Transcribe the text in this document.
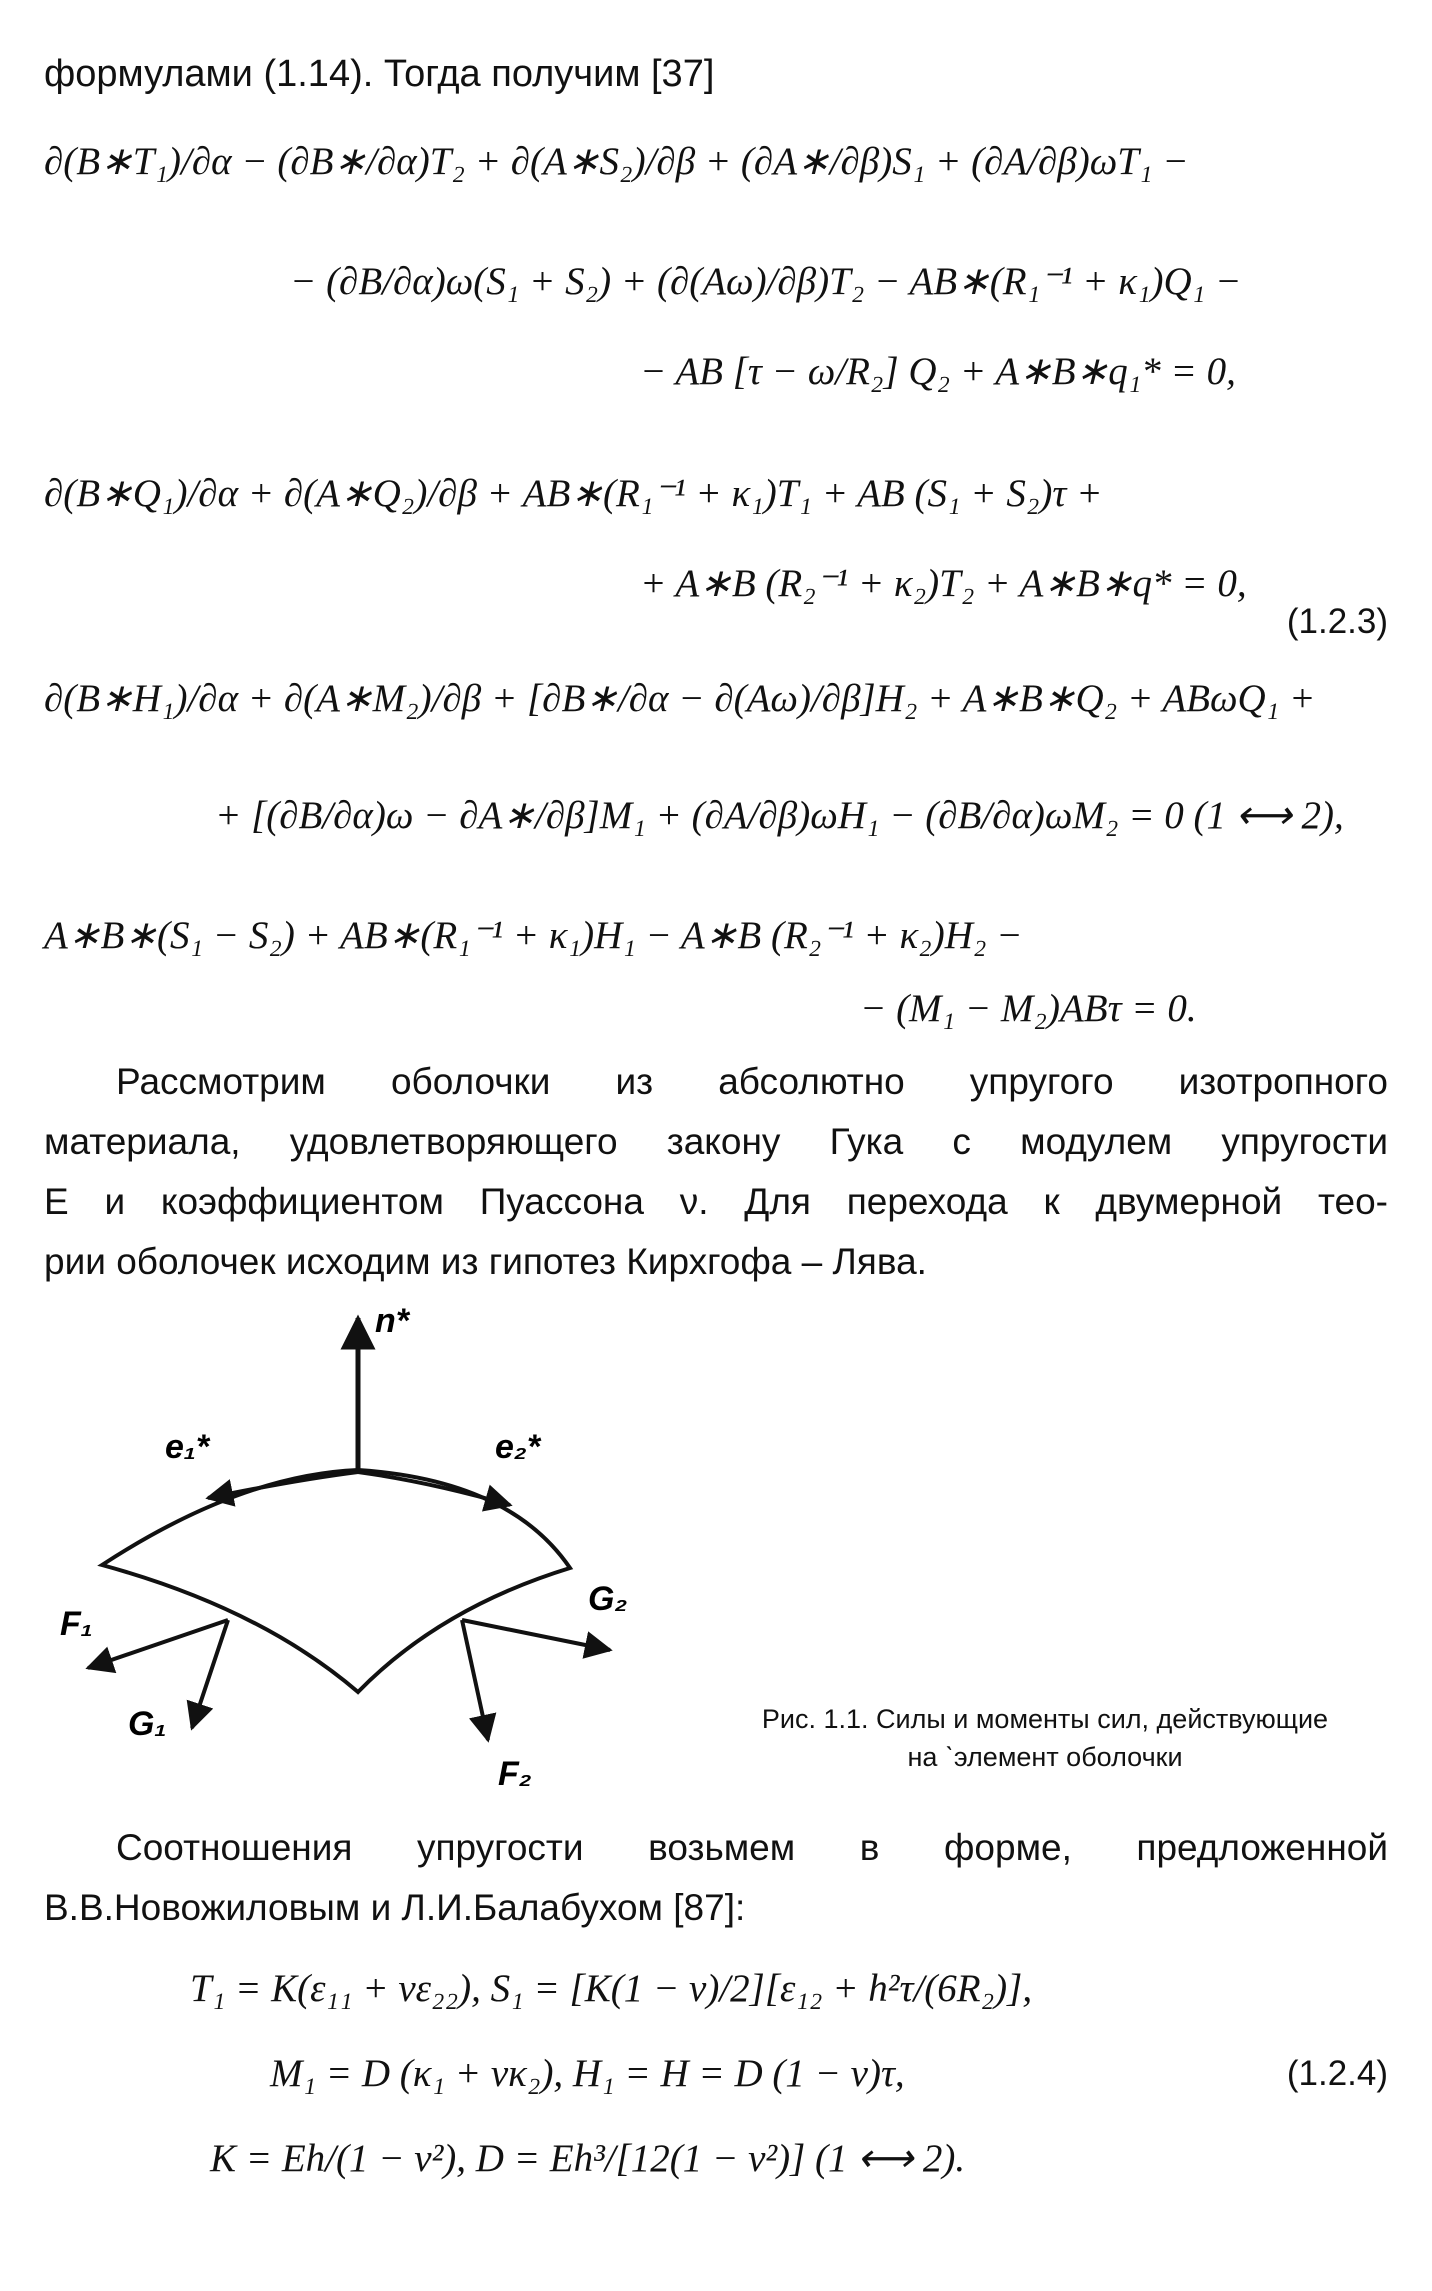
формулами (1.14). Тогда получим [37]
∂(B∗T₁)/∂α − (∂B∗/∂α)T₂ + ∂(A∗S₂)/∂β + (∂A∗/∂β)S₁ + (∂A/∂β)ωT₁ −
− (∂B/∂α)ω(S₁ + S₂) + (∂(Aω)/∂β)T₂ − AB∗(R₁⁻¹ + κ₁)Q₁ −
− AB [τ − ω/R₂] Q₂ + A∗B∗q₁* = 0,
∂(B∗Q₁)/∂α + ∂(A∗Q₂)/∂β + AB∗(R₁⁻¹ + κ₁)T₁ + AB (S₁ + S₂)τ +
+ A∗B (R₂⁻¹ + κ₂)T₂ + A∗B∗q* = 0,
(1.2.3)
∂(B∗H₁)/∂α + ∂(A∗M₂)/∂β + [∂B∗/∂α − ∂(Aω)/∂β]H₂ + A∗B∗Q₂ + ABωQ₁ +
+ [(∂B/∂α)ω − ∂A∗/∂β]M₁ + (∂A/∂β)ωH₁ − (∂B/∂α)ωM₂ = 0 (1 ⟷ 2),
A∗B∗(S₁ − S₂) + AB∗(R₁⁻¹ + κ₁)H₁ − A∗B (R₂⁻¹ + κ₂)H₂ −
− (M₁ − M₂)ABτ = 0.
Рассмотрим оболочки из абсолютно упругого изотропного
материала, удовлетворяющего закону Гука с модулем упругости
E и коэффициентом Пуассона ν. Для перехода к двумерной тео-
рии оболочек исходим из гипотез Кирхгофа – Лява.
n*
e₁*	e₂*
F₁
G₁
F₂
G₂
Рис. 1.1. Силы и моменты сил, действующие
на ˋэлемент оболочки
Соотношения упругости возьмем в форме, предложенной
В.В.Новожиловым и Л.И.Балабухом [87]:
T₁ = K(ε₁₁ + νε₂₂), S₁ = [K(1 − ν)/2][ε₁₂ + h²τ/(6R₂)],
M₁ = D (κ₁ + νκ₂), H₁ = H = D (1 − ν)τ,	(1.2.4)
K = Eh/(1 − ν²), D = Eh³/[12(1 − ν²)] (1 ⟷ 2).
